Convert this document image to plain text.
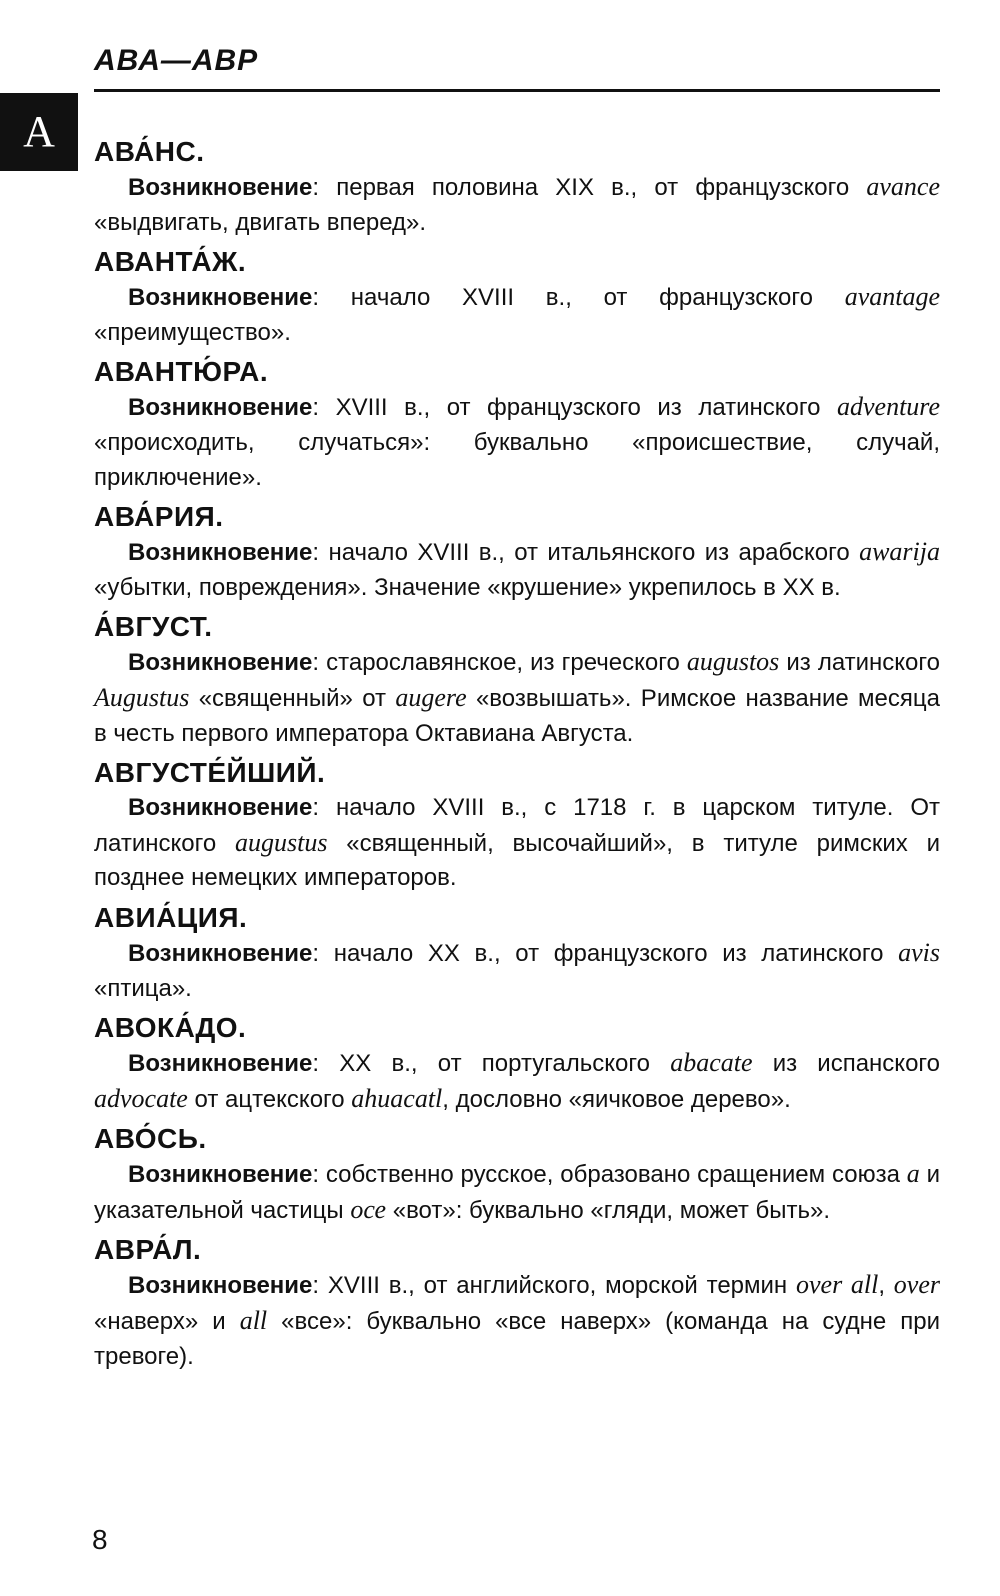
АВА—АВР
А	АВА́НС.

Возникновение: первая половина XIX в., от французского avance «выдвигать, двигать вперед».

АВАНТА́Ж.

Возникновение: начало XVIII в., от французского avantage «преимущество».

АВАНТЮ́РА.

Возникновение: XVIII в., от французского из латинского adventure «происходить, случаться»: буквально «происшествие, случай, приключение».

АВА́РИЯ.

Возникновение: начало XVIII в., от итальянского из арабского awarija «убытки, повреждения». Значение «крушение» укрепилось в XX в.

А́ВГУСТ.

Возникновение: старославянское, из греческого augustos из латинского Augustus «священный» от augere «возвышать». Римское название месяца в честь первого императора Октавиана Августа.

АВГУСТЕ́ЙШИЙ.

Возникновение: начало XVIII в., с 1718 г. в царском титуле. От латинского augustus «священный, высочайший», в титуле римских и позднее немецких императоров.

АВИА́ЦИЯ.

Возникновение: начало XX в., от французского из латинского avis «птица».

АВОКА́ДО.

Возникновение: XX в., от португальского abacate из испанского advocate от ацтекского ahuacatl, дословно «яичковое дерево».

АВО́СЬ.

Возникновение: собственно русское, образовано сращением союза а и указательной частицы осе «вот»: буквально «гляди, может быть».

АВРА́Л.

Возникновение: XVIII в., от английского, морской термин over all, over «наверх» и all «все»: буквально «все наверх» (команда на судне при тревоге).

8
